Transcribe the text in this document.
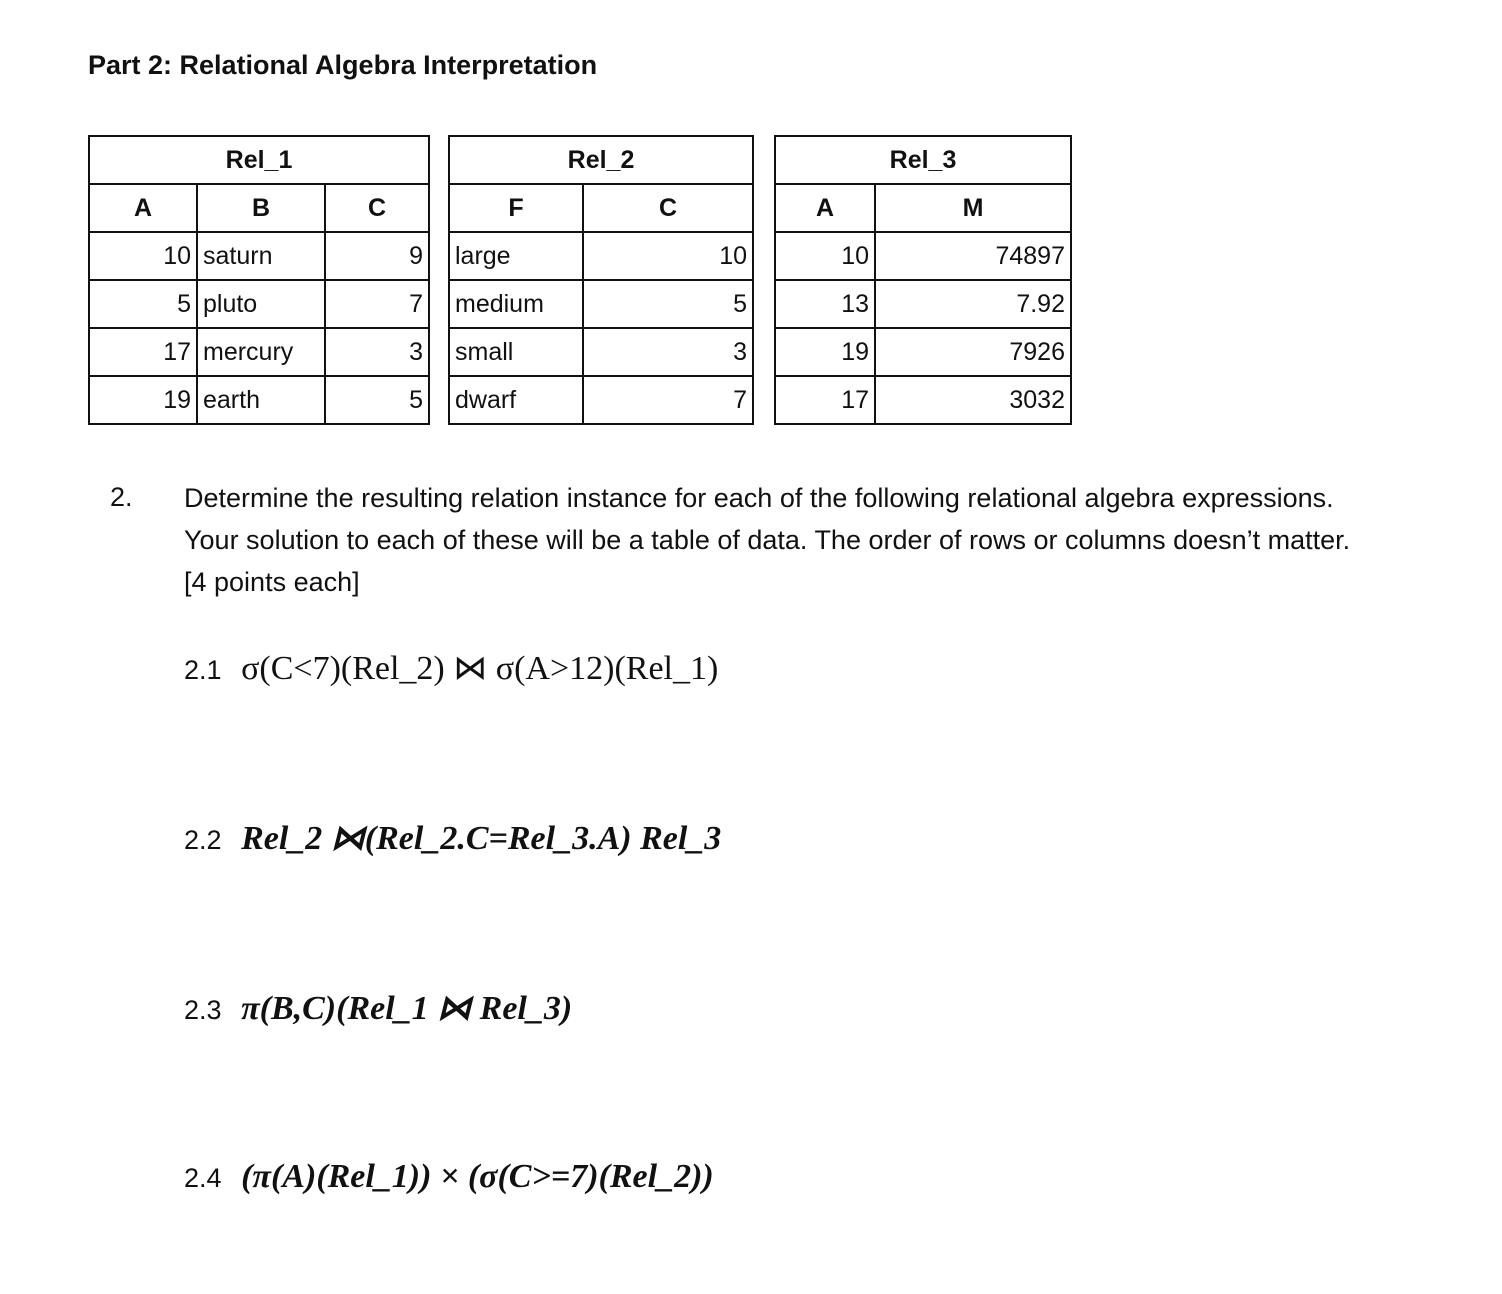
Part 2: Relational Algebra Interpretation
Rel_1		
A	B	C
10	saturn	9
5	pluto	7
17	mercury	3
19	earth	5
Rel_2	
F	C
large	10
medium	5
small	3
dwarf	7
Rel_3	
A	M
10	74897
13	7.92
19	7926
17	3032
2. Determine the resulting relation instance for each of the following relational algebra expressions.

Your solution to each of these will be a table of data. The order of rows or columns doesn’t matter.

[4 points each]

2.1 σ(C<7)(Rel_2) ⋈ σ(A>12)(Rel_1)
2.2 Rel_2 ⋈(Rel_2.C=Rel_3.A) Rel_3
2.3 π(B,C)(Rel_1 ⋈ Rel_3)
2.4 (π(A)(Rel_1)) × (σ(C>=7)(Rel_2))
